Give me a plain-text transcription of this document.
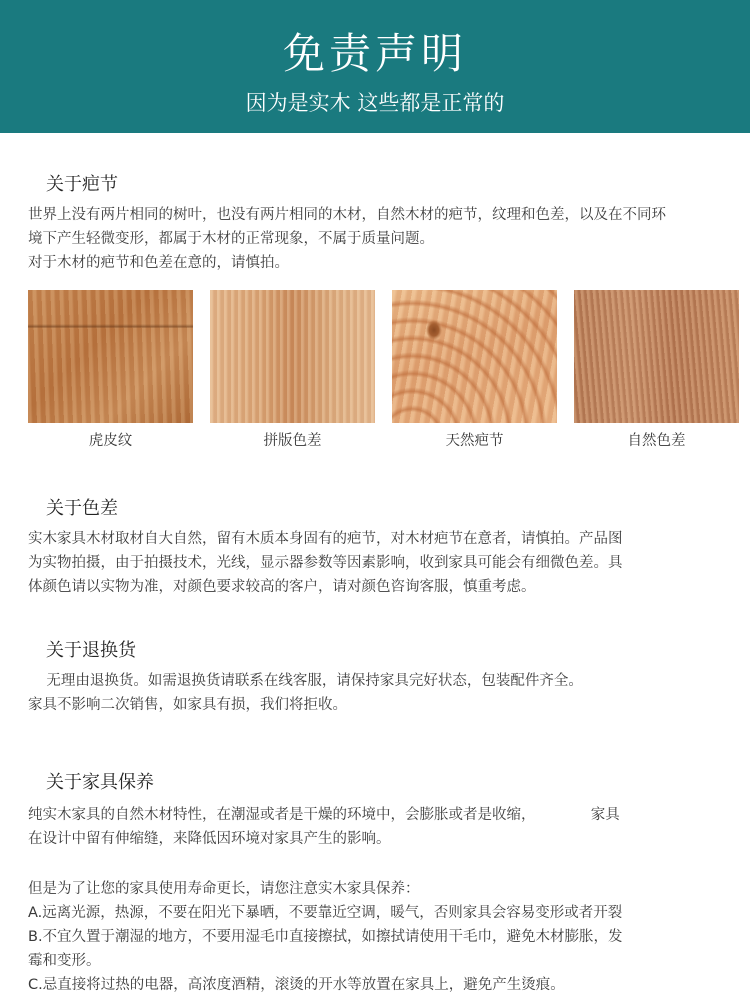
免责声明
因为是实木 这些都是正常的
关于疤节

世界上没有两片相同的树叶，也没有两片相同的木材，自然木材的疤节，纹理和色差，以及在不同环

境下产生轻微变形，都属于木材的正常现象，不属于质量问题。

对于木材的疤节和色差在意的，请慎拍。

虎皮纹	拼版色差	天然疤节	自然色差
关于色差

实木家具木材取材自大自然，留有木质本身固有的疤节，对木材疤节在意者，请慎拍。产品图

为实物拍摄，由于拍摄技术，光线，显示器参数等因素影响，收到家具可能会有细微色差。具

体颜色请以实物为准，对颜色要求较高的客户，请对颜色咨询客服，慎重考虑。

关于退换货

无理由退换货。如需退换货请联系在线客服，请保持家具完好状态，包装配件齐全。

家具不影响二次销售，如家具有损，我们将拒收。

关于家具保养

纯实木家具的自然木材特性，在潮湿或者是干燥的环境中，会膨胀或者是收缩，            家具

在设计中留有伸缩缝，来降低因环境对家具产生的影响。

但是为了让您的家具使用寿命更长，请您注意实木家具保养：

A.远离光源，热源，不要在阳光下暴晒，不要靠近空调，暖气，否则家具会容易变形或者开裂

B.不宜久置于潮湿的地方，不要用湿毛巾直接擦拭，如擦拭请使用干毛巾，避免木材膨胀，发

霉和变形。

C.忌直接将过热的电器，高浓度酒精，滚烫的开水等放置在家具上，避免产生烫痕。
